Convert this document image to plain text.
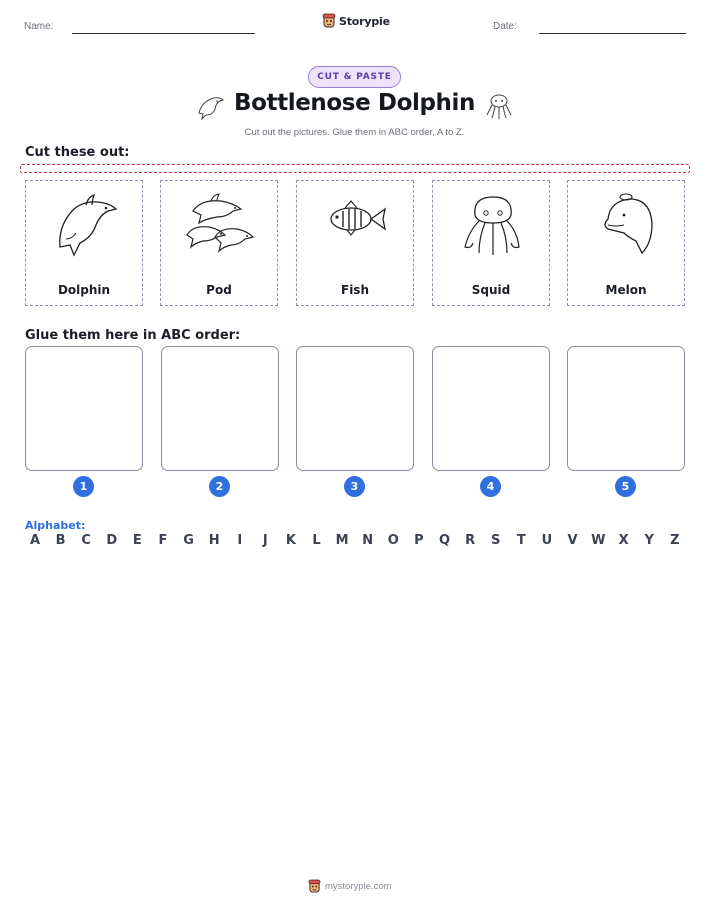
Name:	Storypie	Date:
CUT & PASTE
Bottlenose Dolphin
Cut out the pictures. Glue them in ABC order, A to Z.
Cut these out:
Dolphin	Pod	Fish	Squid	Melon
Glue them here in ABC order:
1	2	3	4	5
Alphabet:
A B C D E F G H	I	J	K L M N O P Q R S T U V W X Y Z
mystorypie.com
